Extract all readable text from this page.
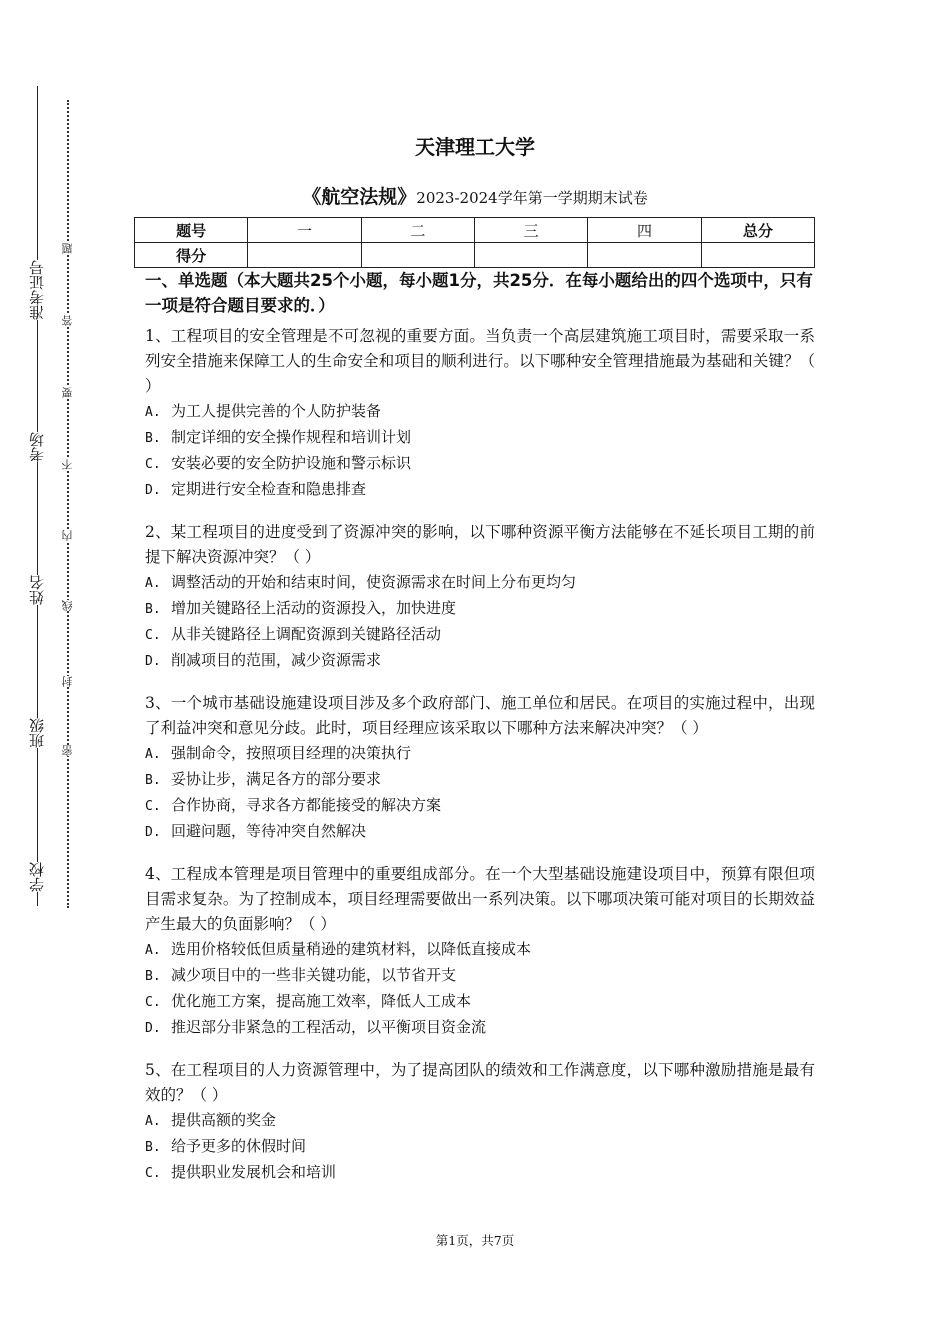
准考证号
考场
姓名
班级
学校
题
答
要
不
内
线
封
密
天津理工大学
《航空法规》2023-2024学年第一学期期末试卷
题号	一	二	三	四	总分
得分					

一、单选题（本大题共25个小题，每小题1分，共25分．在每小题给出的四个选项中，只有一项是符合题目要求的．）

1、工程项目的安全管理是不可忽视的重要方面。当负责一个高层建筑施工项目时，需要采取一系列安全措施来保障工人的生命安全和项目的顺利进行。以下哪种安全管理措施最为基础和关键？（ ）

A. 为工人提供完善的个人防护装备

B. 制定详细的安全操作规程和培训计划

C. 安装必要的安全防护设施和警示标识

D. 定期进行安全检查和隐患排查

2、某工程项目的进度受到了资源冲突的影响，以下哪种资源平衡方法能够在不延长项目工期的前提下解决资源冲突？（ ）

A. 调整活动的开始和结束时间，使资源需求在时间上分布更均匀

B. 增加关键路径上活动的资源投入，加快进度

C. 从非关键路径上调配资源到关键路径活动

D. 削减项目的范围，减少资源需求

3、一个城市基础设施建设项目涉及多个政府部门、施工单位和居民。在项目的实施过程中，出现了利益冲突和意见分歧。此时，项目经理应该采取以下哪种方法来解决冲突？（ ）

A. 强制命令，按照项目经理的决策执行

B. 妥协让步，满足各方的部分要求

C. 合作协商，寻求各方都能接受的解决方案

D. 回避问题，等待冲突自然解决

4、工程成本管理是项目管理中的重要组成部分。在一个大型基础设施建设项目中，预算有限但项目需求复杂。为了控制成本，项目经理需要做出一系列决策。以下哪项决策可能对项目的长期效益产生最大的负面影响？（ ）

A. 选用价格较低但质量稍逊的建筑材料，以降低直接成本

B. 减少项目中的一些非关键功能，以节省开支

C. 优化施工方案，提高施工效率，降低人工成本

D. 推迟部分非紧急的工程活动，以平衡项目资金流

5、在工程项目的人力资源管理中，为了提高团队的绩效和工作满意度，以下哪种激励措施是最有效的？（ ）

A. 提供高额的奖金

B. 给予更多的休假时间

C. 提供职业发展机会和培训

第1页，共7页
